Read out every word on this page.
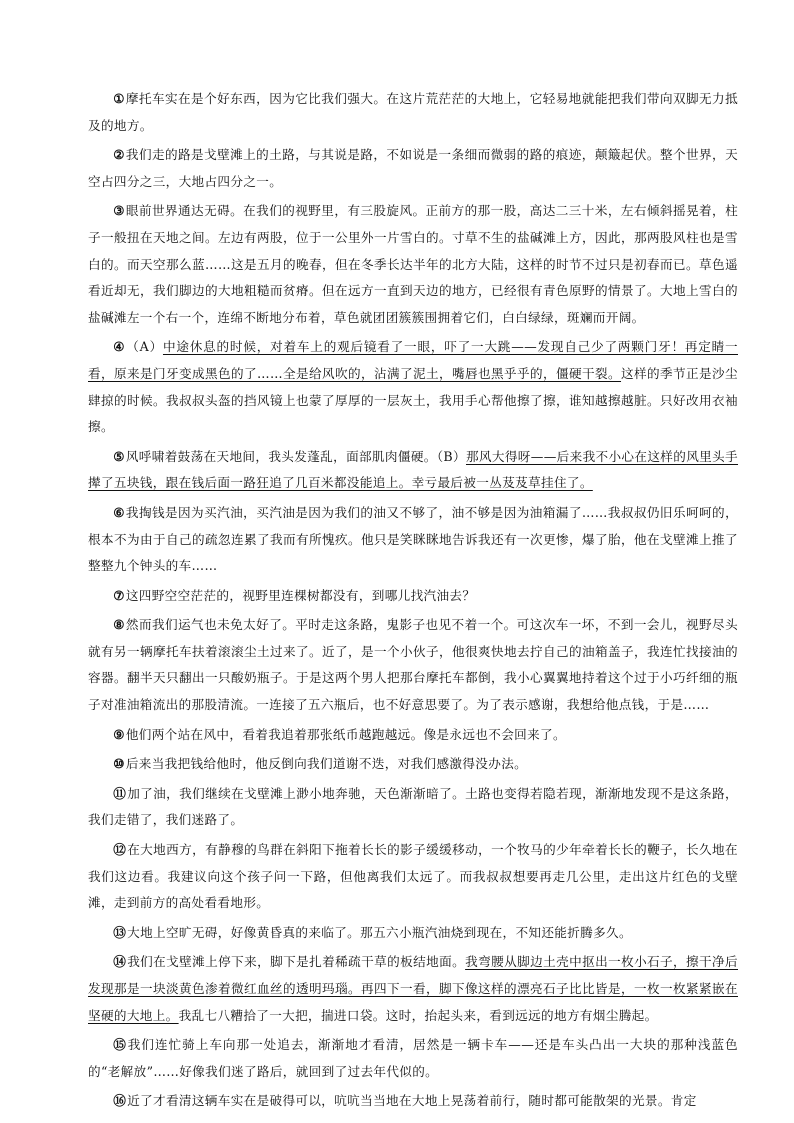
①摩托车实在是个好东西，因为它比我们强大。在这片荒茫茫的大地上，它轻易地就能把我们带向双脚无力抵及的地方。

②我们走的路是戈壁滩上的土路，与其说是路，不如说是一条细而微弱的路的痕迹，颠簸起伏。整个世界，天空占四分之三，大地占四分之一。

③眼前世界通达无碍。在我们的视野里，有三股旋风。正前方的那一股，高达二三十米，左右倾斜摇晃着，柱子一般扭在天地之间。左边有两股，位于一公里外一片雪白的。寸草不生的盐碱滩上方，因此，那两股风柱也是雪白的。而天空那么蓝……这是五月的晚春，但在冬季长达半年的北方大陆，这样的时节不过只是初春而已。草色遥看近却无，我们脚边的大地粗糙而贫瘠。但在远方一直到天边的地方，已经很有青色原野的情景了。大地上雪白的盐碱滩左一个右一个，连绵不断地分布着，草色就团团簇簇围拥着它们，白白绿绿，斑斓而开阔。

④（A）中途休息的时候，对着车上的观后镜看了一眼，吓了一大跳——发现自己少了两颗门牙！再定睛一看，原来是门牙变成黑色的了……全是给风吹的，沾满了泥土，嘴唇也黑乎乎的，僵硬干裂。这样的季节正是沙尘肆掠的时候。我叔叔头盔的挡风镜上也蒙了厚厚的一层灰土，我用手心帮他擦了擦，谁知越擦越脏。只好改用衣袖擦。

⑤风呼啸着鼓荡在天地间，我头发蓬乱，面部肌肉僵硬。（B）那风大得呀——后来我不小心在这样的风里头手撵了五块钱，跟在钱后面一路狂追了几百米都没能追上。幸亏最后被一丛芨芨草挂住了。

⑥我掏钱是因为买汽油，买汽油是因为我们的油又不够了，油不够是因为油箱漏了……我叔叔仍旧乐呵呵的，根本不为由于自己的疏忽连累了我而有所愧疚。他只是笑眯眯地告诉我还有一次更惨，爆了胎，他在戈壁滩上推了整整九个钟头的车……

⑦这四野空空茫茫的，视野里连棵树都没有，到哪儿找汽油去？

⑧然而我们运气也未免太好了。平时走这条路，鬼影子也见不着一个。可这次车一坏，不到一会儿，视野尽头就有另一辆摩托车扶着滚滚尘土过来了。近了，是一个小伙子，他很爽快地去拧自己的油箱盖子，我连忙找接油的容器。翻半天只翻出一只酸奶瓶子。于是这两个男人把那台摩托车都倒，我小心翼翼地持着这个过于小巧纤细的瓶子对准油箱流出的那股清流。一连接了五六瓶后，也不好意思要了。为了表示感谢，我想给他点钱，于是……

⑨他们两个站在风中，看着我追着那张纸币越跑越远。像是永远也不会回来了。

⑩后来当我把钱给他时，他反倒向我们道谢不迭，对我们感激得没办法。

⑪加了油，我们继续在戈壁滩上渺小地奔驰，天色渐渐暗了。土路也变得若隐若现，渐渐地发现不是这条路，我们走错了，我们迷路了。

⑫在大地西方，有静穆的鸟群在斜阳下拖着长长的影子缓缓移动，一个牧马的少年牵着长长的鞭子，长久地在我们这边看。我建议向这个孩子问一下路，但他离我们太远了。而我叔叔想要再走几公里，走出这片红色的戈壁滩，走到前方的高处看看地形。

⑬大地上空旷无碍，好像黄昏真的来临了。那五六小瓶汽油烧到现在，不知还能折腾多久。

⑭我们在戈壁滩上停下来，脚下是扎着稀疏干草的板结地面。我弯腰从脚边土壳中抠出一枚小石子，擦干净后发现那是一块淡黄色渗着微红血丝的透明玛瑙。再四下一看，脚下像这样的漂亮石子比比皆是，一枚一枚紧紧嵌在坚硬的大地上。我乱七八糟拾了一大把，揣进口袋。这时，抬起头来，看到远远的地方有烟尘腾起。

⑮我们连忙骑上车向那一处追去，渐渐地才看清，居然是一辆卡车——还是车头凸出一大块的那种浅蓝色的“老解放”……好像我们迷了路后，就回到了过去年代似的。

⑯近了才看清这辆车实在是破得可以，吭吭当当地在大地上晃荡着前行，随时都可能散架的光景。肯定
